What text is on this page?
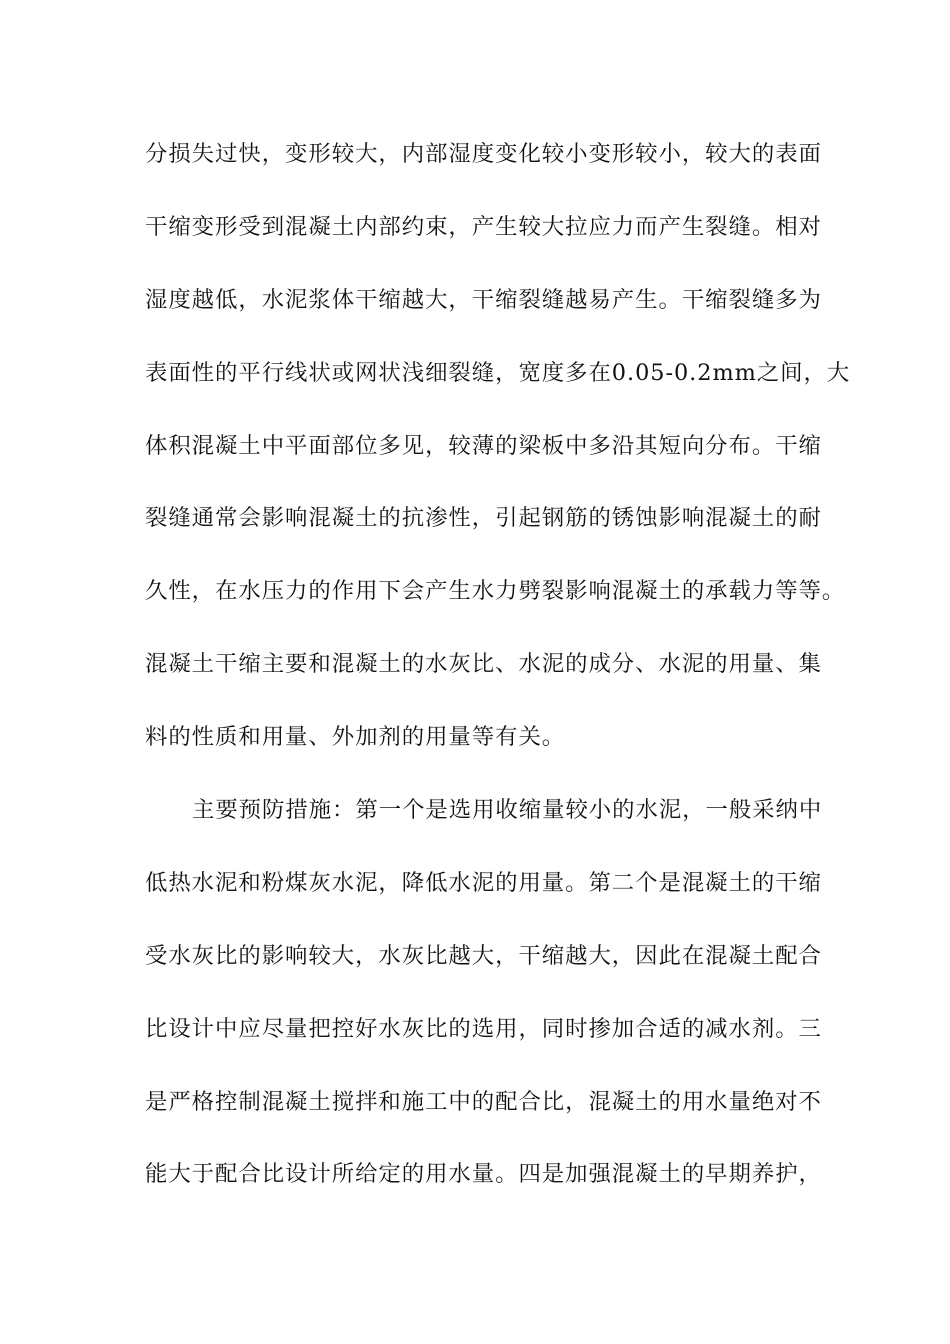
分损失过快，变形较大，内部湿度变化较小变形较小，较大的表面
干缩变形受到混凝土内部约束，产生较大拉应力而产生裂缝。相对
湿度越低，水泥浆体干缩越大，干缩裂缝越易产生。干缩裂缝多为
表面性的平行线状或网状浅细裂缝，宽度多在0.05-0.2mm之间，大
体积混凝土中平面部位多见，较薄的梁板中多沿其短向分布。干缩
裂缝通常会影响混凝土的抗渗性，引起钢筋的锈蚀影响混凝土的耐
久性，在水压力的作用下会产生水力劈裂影响混凝土的承载力等等。
混凝土干缩主要和混凝土的水灰比、水泥的成分、水泥的用量、集
料的性质和用量、外加剂的用量等有关。
主要预防措施：第一个是选用收缩量较小的水泥，一般采纳中
低热水泥和粉煤灰水泥，降低水泥的用量。第二个是混凝土的干缩
受水灰比的影响较大，水灰比越大，干缩越大，因此在混凝土配合
比设计中应尽量把控好水灰比的选用，同时掺加合适的减水剂。三
是严格控制混凝土搅拌和施工中的配合比，混凝土的用水量绝对不
能大于配合比设计所给定的用水量。四是加强混凝土的早期养护，
